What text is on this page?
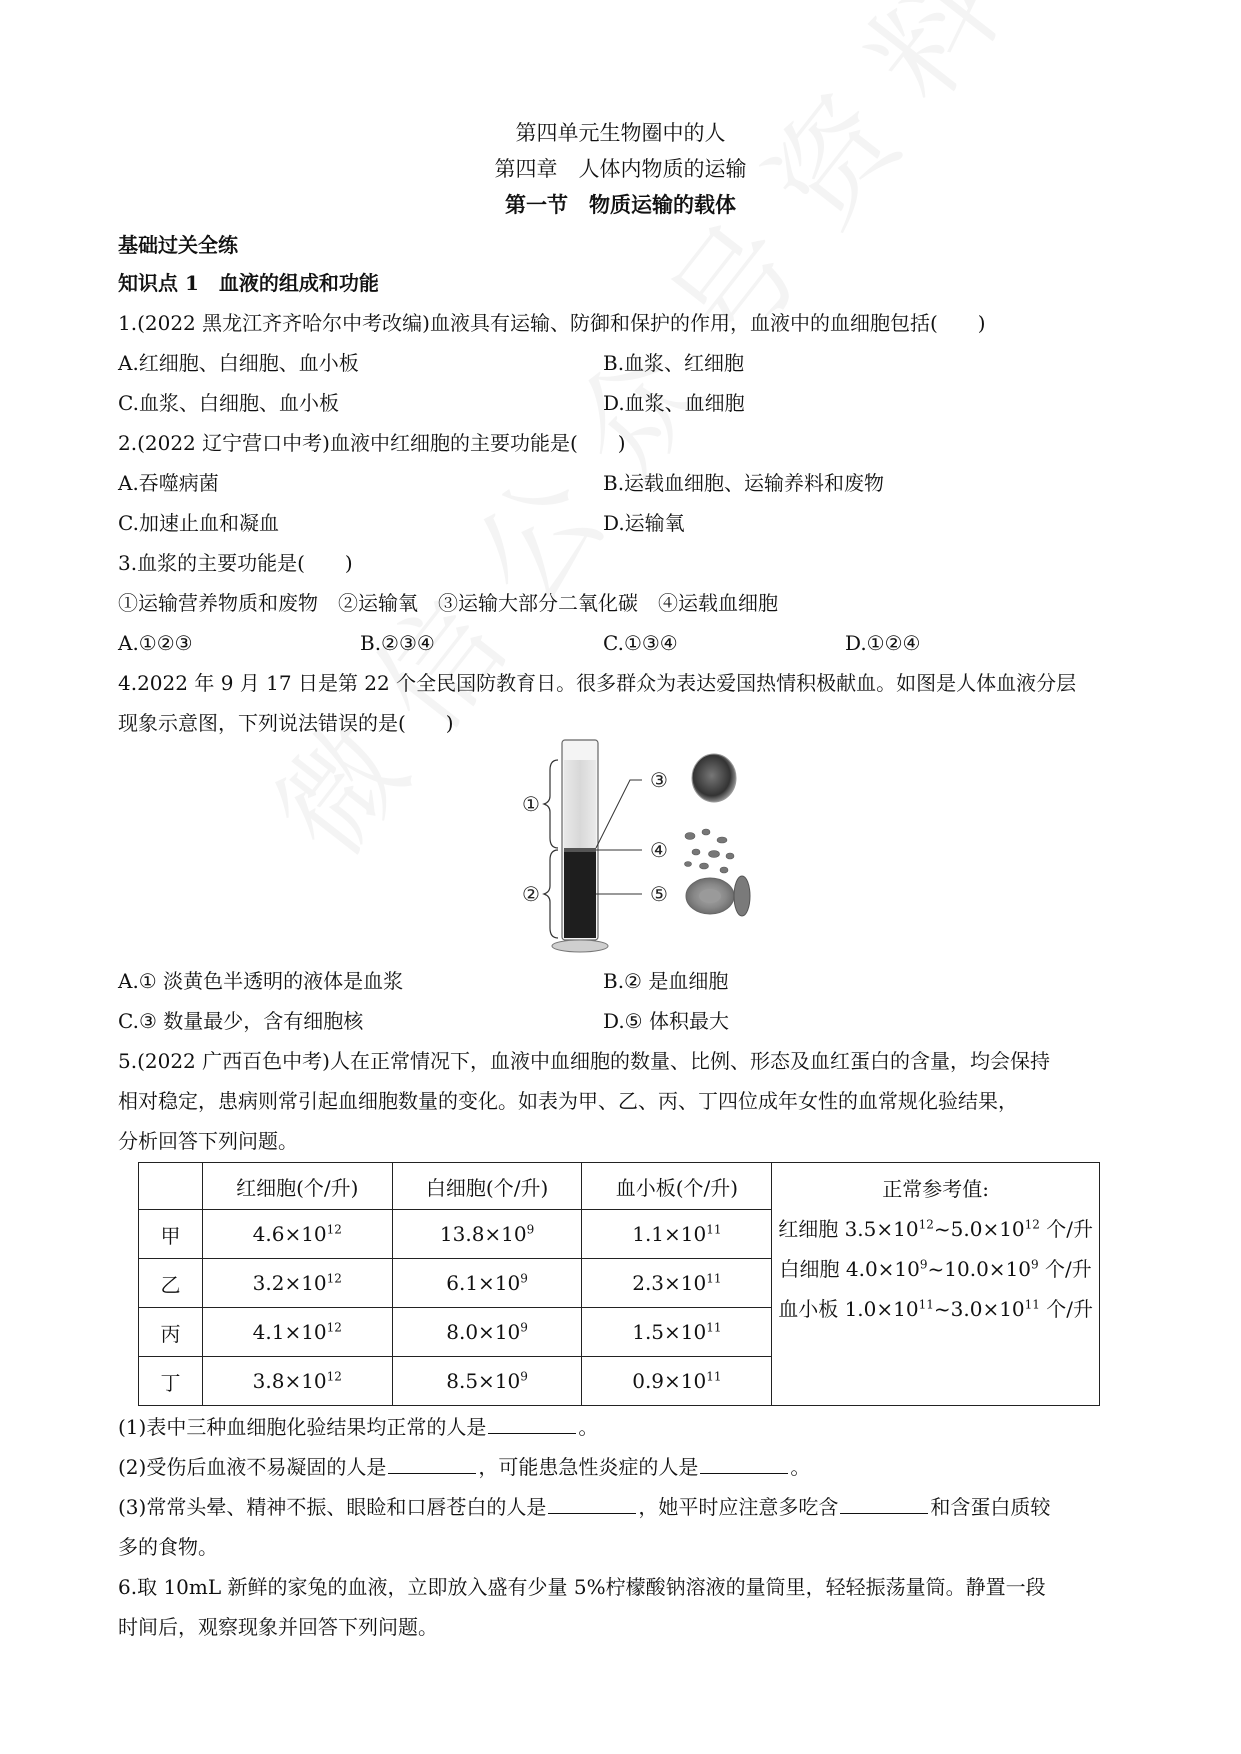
第四单元生物圈中的人
第四章　人体内物质的运输
第一节　物质运输的载体
基础过关全练
知识点 1　血液的组成和功能
1.(2022 黑龙江齐齐哈尔中考改编)血液具有运输、防御和保护的作用，血液中的血细胞包括(　　)
A.红细胞、白细胞、血小板	B.血浆、红细胞
C.血浆、白细胞、血小板	D.血浆、血细胞
2.(2022 辽宁营口中考)血液中红细胞的主要功能是(　　)
A.吞噬病菌	B.运载血细胞、运输养料和废物
C.加速止血和凝血	D.运输氧
3.血浆的主要功能是(　　)
①运输营养物质和废物　②运输氧　③运输大部分二氧化碳　④运载血细胞
A.①②③	B.②③④	C.①③④	D.①②④
4.2022 年 9 月 17 日是第 22 个全民国防教育日。很多群众为表达爱国热情积极献血。如图是人体血液分层
现象示意图，下列说法错误的是(　　)
①
②
③
④
⑤
A.① 淡黄色半透明的液体是血浆	B.② 是血细胞
C.③ 数量最少，含有细胞核	D.⑤ 体积最大
5.(2022 广西百色中考)人在正常情况下，血液中血细胞的数量、比例、形态及血红蛋白的含量，均会保持
相对稳定，患病则常引起血细胞数量的变化。如表为甲、乙、丙、丁四位成年女性的血常规化验结果，
分析回答下列问题。
	红细胞(个/升)	白细胞(个/升)	血小板(个/升)	正常参考值:
红细胞 $3.5\times 10^{12}\sim 5.0\times 10^{12}$ 个/升
白细胞 $4.0\times 10^9\sim 10.0\times 10^9$ 个/升
血小板 $1.0\times 10^{11}\sim 3.0\times 10^{11}$ 个/升

甲	$4.6\times 10^{12}$	$13.8\times 10^9$	$1.1\times 10^{11}$
乙	$3.2\times 10^{12}$	$6.1\times 10^9$	$2.3\times 10^{11}$
丙	$4.1\times 10^{12}$	$8.0\times 10^9$	$1.5\times 10^{11}$
丁	$3.8\times 10^{12}$	$8.5\times 10^9$	$0.9\times 10^{11}$
(1)表中三种血细胞化验结果均正常的人是	。
(2)受伤后血液不易凝固的人是	，可能患急性炎症的人是	。
(3)常常头晕、精神不振、眼睑和口唇苍白的人是	，她平时应注意多吃含	和含蛋白质较
多的食物。
6.取 10mL 新鲜的家兔的血液，立即放入盛有少量 5%柠檬酸钠溶液的量筒里，轻轻振荡量筒。静置一段
时间后，观察现象并回答下列问题。
